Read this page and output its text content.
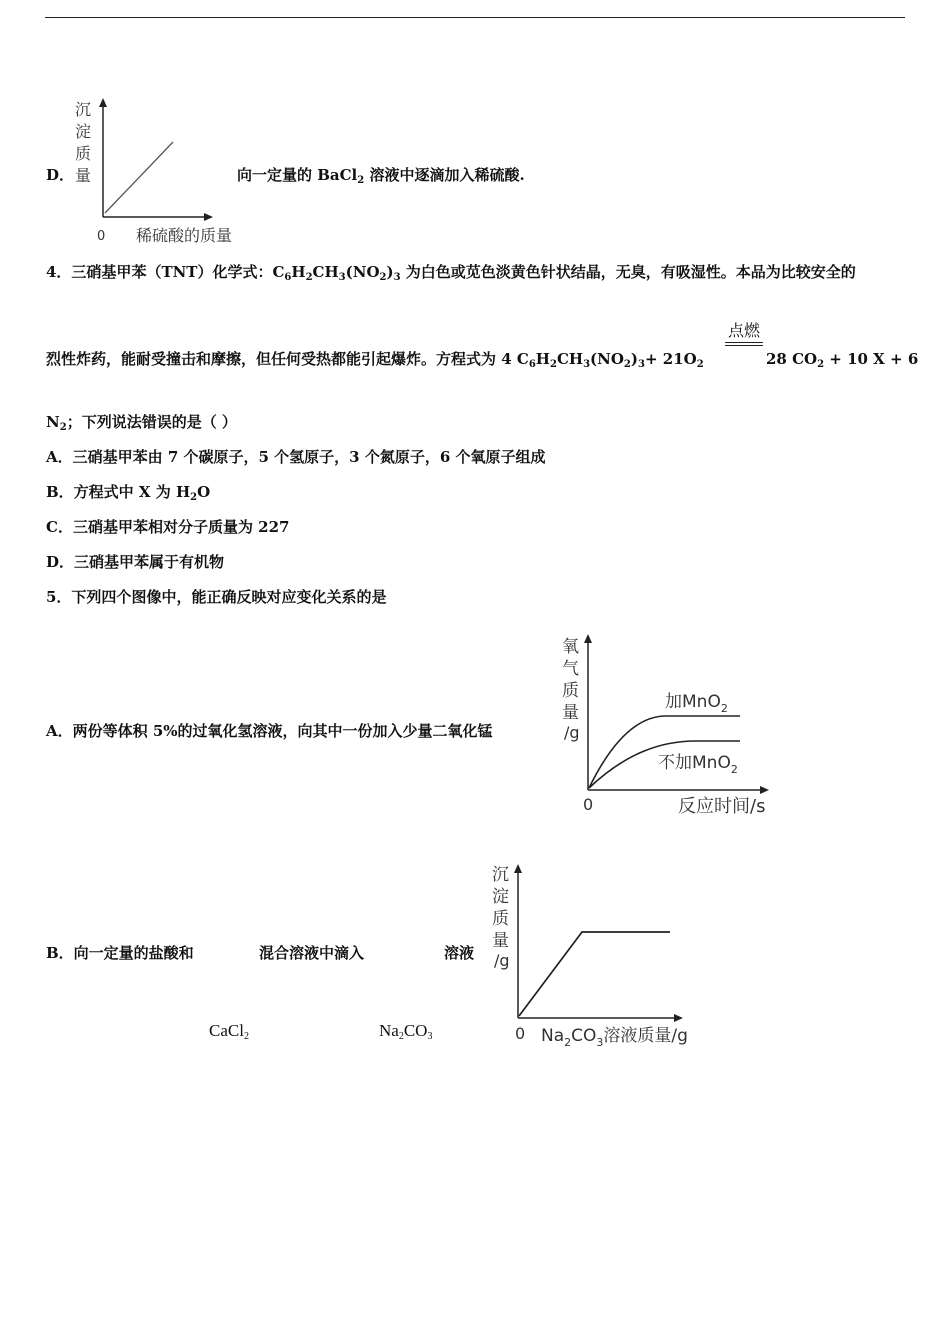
沉
淀
质
量
0 稀硫酸的质量
D．	向一定量的 BaCl$_2$ 溶液中逐滴加入稀硫酸.
4．三硝基甲苯（TNT）化学式：$C_6H_2CH_3(NO_2)_3$ 为白色或苋色淡黄色针状结晶，无臭，有吸湿性。本品为比较安全的
点燃
烈性炸药，能耐受撞击和摩擦，但任何受热都能引起爆炸。方程式为 4 $C_6H_2CH_3(NO_2)_3+ 21O_2$	28 $CO_2 + 10$ X + 6
$N_2$；下列说法错误的是（ ）
A．三硝基甲苯由 7 个碳原子，5 个氢原子，3 个氮原子，6 个氧原子组成
B．方程式中 X 为 $H_2O$
C．三硝基甲苯相对分子质量为 227
D．三硝基甲苯属于有机物
5．下列四个图像中，能正确反映对应变化关系的是
A．两份等体积 5%的过氧化氢溶液，向其中一份加入少量二氧化锰
氧
气
质
量
/g
加MnO$_2$
不加MnO$_2$
0	反应时间/s
B．向一定量的盐酸和	混合溶液中滴入	溶液
CaCl$_2$	$Na_2CO_3$
沉
淀
质
量
/g
0 $Na_2CO_3$溶液质量/g
